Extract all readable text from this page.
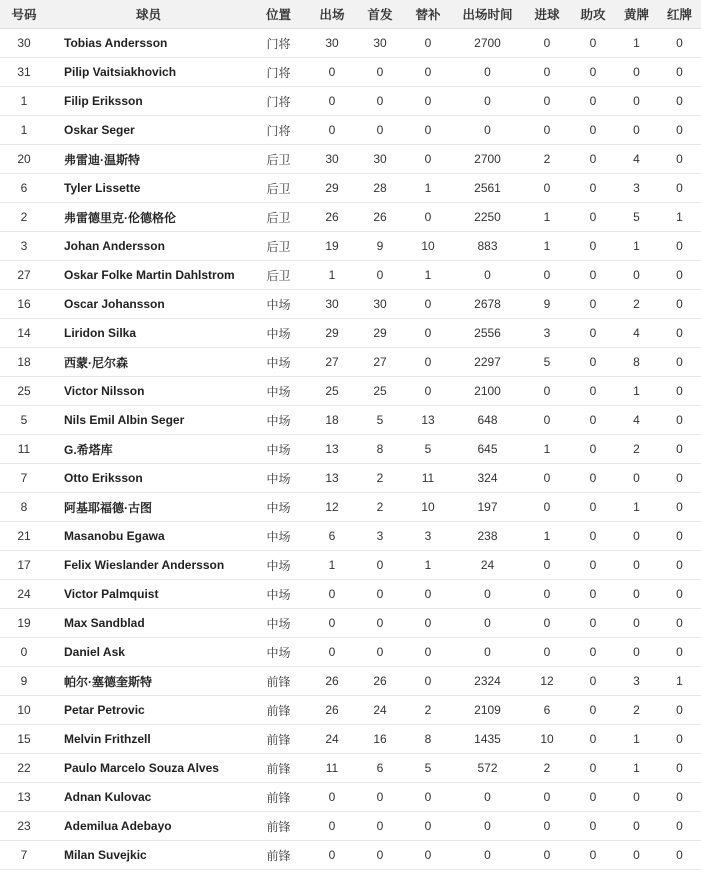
号码	球员	位置	出场	首发	替补	出场时间	进球	助攻	黄牌	红牌
30	Tobias Andersson	门将	30	30	0	2700	0	0	1	0
31	Pilip Vaitsiakhovich	门将	0	0	0	0	0	0	0	0
1	Filip Eriksson	门将	0	0	0	0	0	0	0	0
1	Oskar Seger	门将	0	0	0	0	0	0	0	0
20	弗雷迪·温斯特	后卫	30	30	0	2700	2	0	4	0
6	Tyler Lissette	后卫	29	28	1	2561	0	0	3	0
2	弗雷德里克·伦德格伦	后卫	26	26	0	2250	1	0	5	1
3	Johan Andersson	后卫	19	9	10	883	1	0	1	0
27	Oskar Folke Martin Dahlstrom	后卫	1	0	1	0	0	0	0	0
16	Oscar Johansson	中场	30	30	0	2678	9	0	2	0
14	Liridon Silka	中场	29	29	0	2556	3	0	4	0
18	西蒙·尼尔森	中场	27	27	0	2297	5	0	8	0
25	Victor Nilsson	中场	25	25	0	2100	0	0	1	0
5	Nils Emil Albin Seger	中场	18	5	13	648	0	0	4	0
11	G.希塔库	中场	13	8	5	645	1	0	2	0
7	Otto Eriksson	中场	13	2	11	324	0	0	0	0
8	阿基耶福德·古图	中场	12	2	10	197	0	0	1	0
21	Masanobu Egawa	中场	6	3	3	238	1	0	0	0
17	Felix Wieslander Andersson	中场	1	0	1	24	0	0	0	0
24	Victor Palmquist	中场	0	0	0	0	0	0	0	0
19	Max Sandblad	中场	0	0	0	0	0	0	0	0
0	Daniel Ask	中场	0	0	0	0	0	0	0	0
9	帕尔·塞德奎斯特	前锋	26	26	0	2324	12	0	3	1
10	Petar Petrovic	前锋	26	24	2	2109	6	0	2	0
15	Melvin Frithzell	前锋	24	16	8	1435	10	0	1	0
22	Paulo Marcelo Souza Alves	前锋	11	6	5	572	2	0	1	0
13	Adnan Kulovac	前锋	0	0	0	0	0	0	0	0
23	Ademilua Adebayo	前锋	0	0	0	0	0	0	0	0
7	Milan Suvejkic	前锋	0	0	0	0	0	0	0	0
